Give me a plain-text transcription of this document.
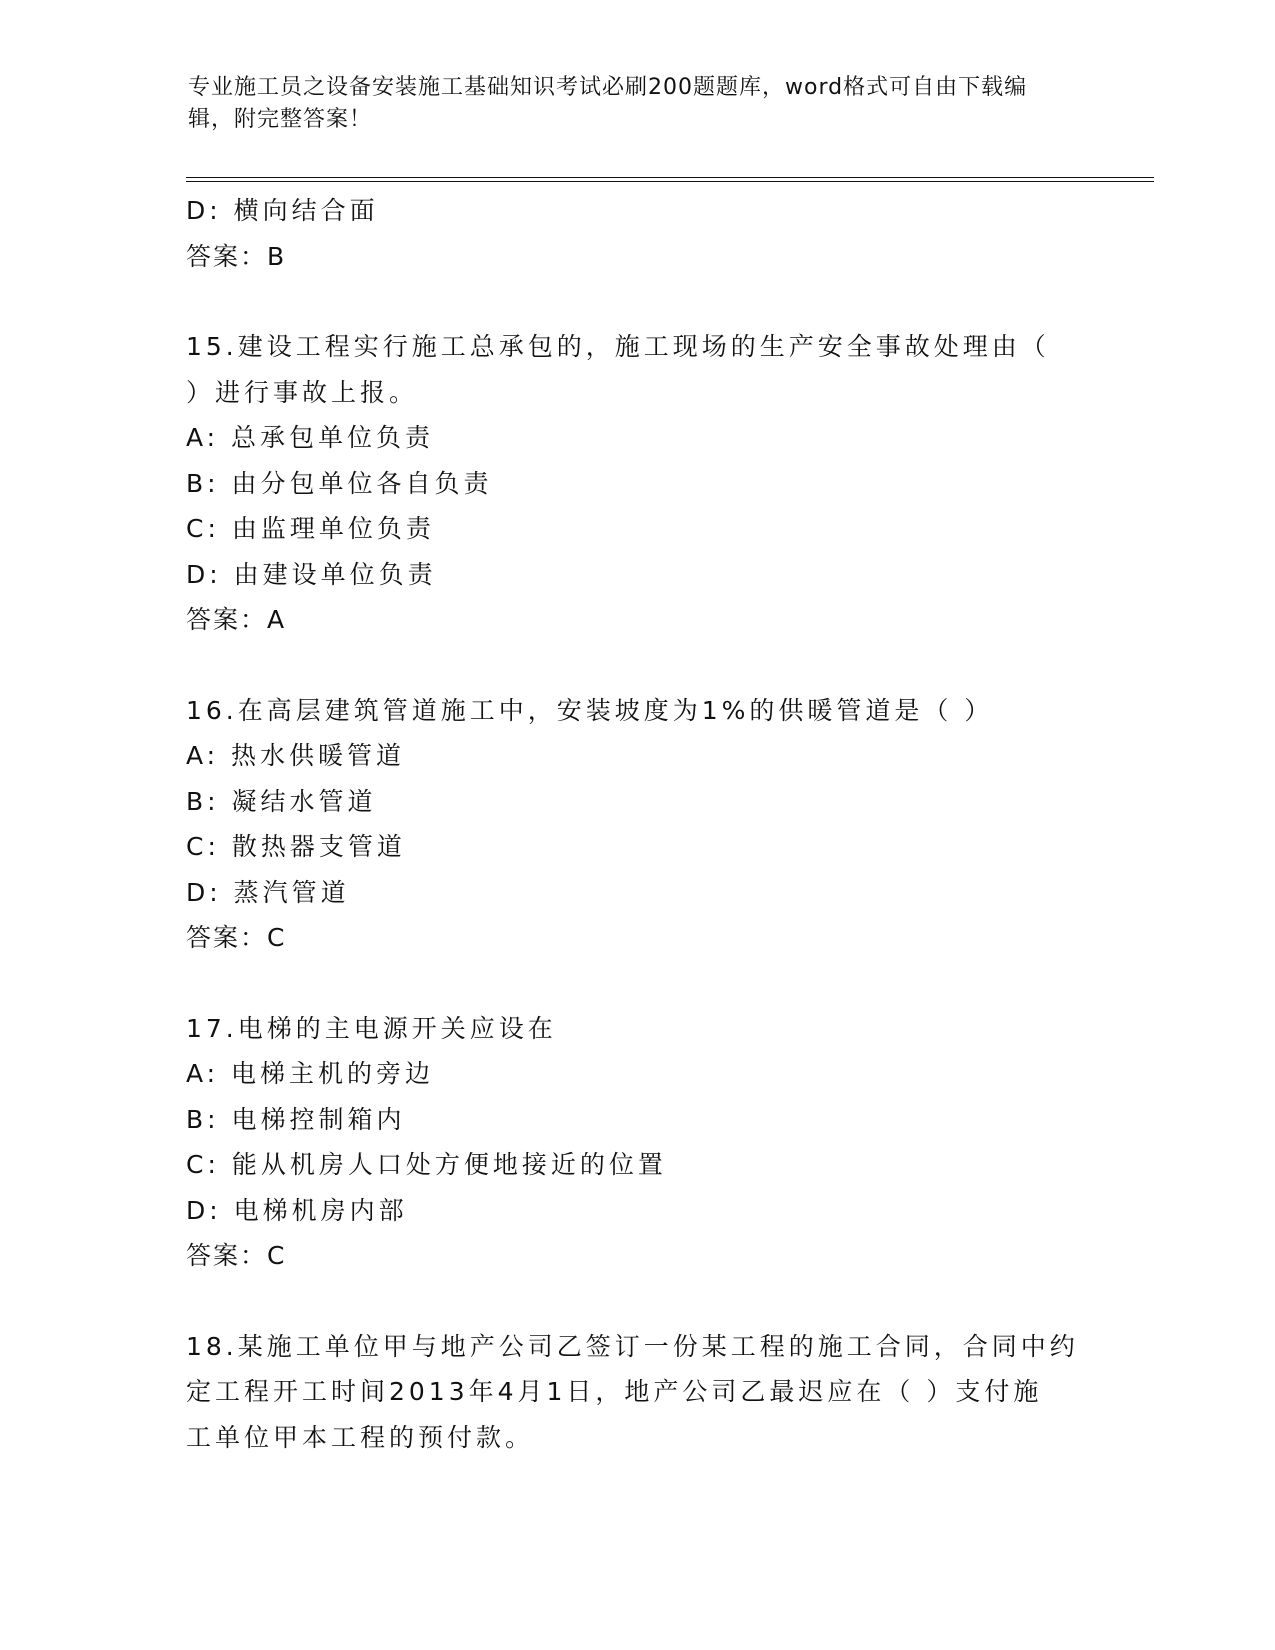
专业施工员之设备安装施工基础知识考试必刷200题题库，word格式可自由下载编辑，附完整答案！
D: 横向结合面
答案：B
15.建设工程实行施工总承包的，施工现场的生产安全事故处理由（
）进行事故上报。
A: 总承包单位负责
B: 由分包单位各自负责
C: 由监理单位负责
D: 由建设单位负责
答案：A
16.在高层建筑管道施工中，安装坡度为1%的供暖管道是（ ）
A: 热水供暖管道
B: 凝结水管道
C: 散热器支管道
D: 蒸汽管道
答案：C
17.电梯的主电源开关应设在
A: 电梯主机的旁边
B: 电梯控制箱内
C: 能从机房人口处方便地接近的位置
D: 电梯机房内部
答案：C
18.某施工单位甲与地产公司乙签订一份某工程的施工合同，合同中约
定工程开工时间2013年4月1日，地产公司乙最迟应在（ ）支付施
工单位甲本工程的预付款。
